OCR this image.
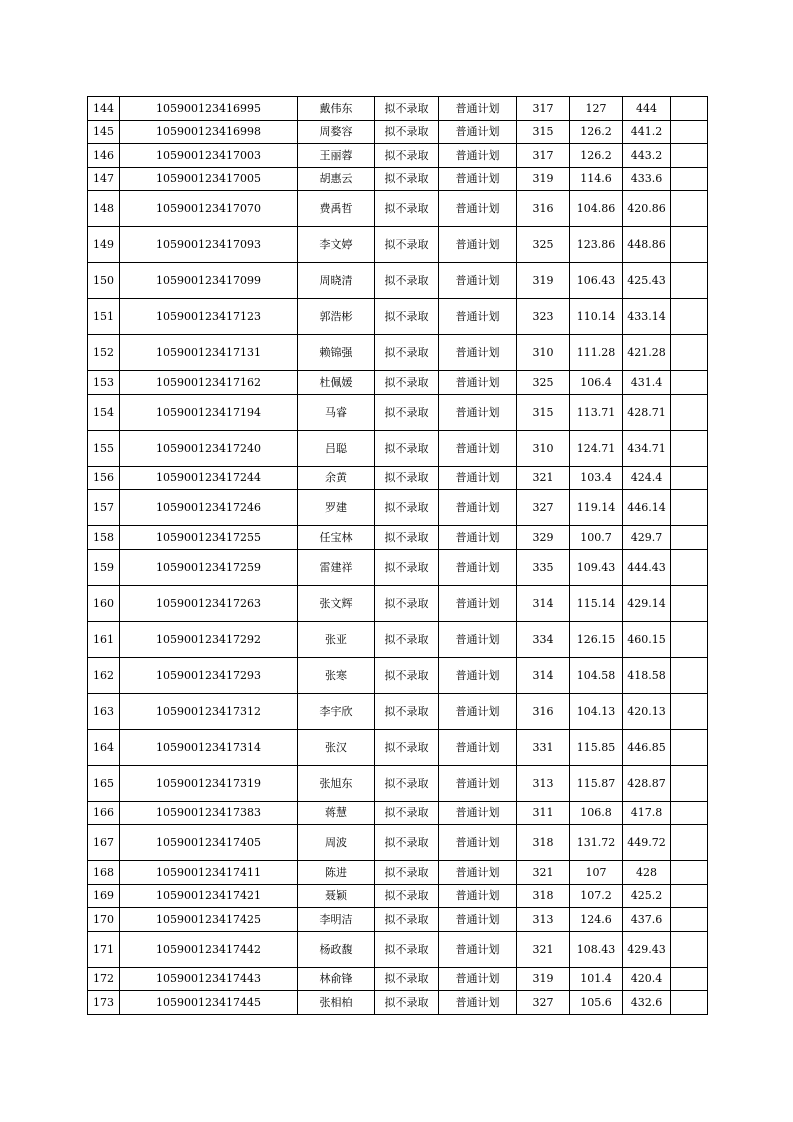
144	105900123416995	戴伟东	拟不录取	普通计划	317	127	444	
145	105900123416998	周婺容	拟不录取	普通计划	315	126.2	441.2	
146	105900123417003	王丽蓉	拟不录取	普通计划	317	126.2	443.2	
147	105900123417005	胡惠云	拟不录取	普通计划	319	114.6	433.6	
148	105900123417070	费禹哲	拟不录取	普通计划	316	104.86	420.86	
149	105900123417093	李文婷	拟不录取	普通计划	325	123.86	448.86	
150	105900123417099	周晓清	拟不录取	普通计划	319	106.43	425.43	
151	105900123417123	郭浩彬	拟不录取	普通计划	323	110.14	433.14	
152	105900123417131	赖锦强	拟不录取	普通计划	310	111.28	421.28	
153	105900123417162	杜佩媛	拟不录取	普通计划	325	106.4	431.4	
154	105900123417194	马睿	拟不录取	普通计划	315	113.71	428.71	
155	105900123417240	吕聪	拟不录取	普通计划	310	124.71	434.71	
156	105900123417244	余黄	拟不录取	普通计划	321	103.4	424.4	
157	105900123417246	罗建	拟不录取	普通计划	327	119.14	446.14	
158	105900123417255	任宝林	拟不录取	普通计划	329	100.7	429.7	
159	105900123417259	雷建祥	拟不录取	普通计划	335	109.43	444.43	
160	105900123417263	张文辉	拟不录取	普通计划	314	115.14	429.14	
161	105900123417292	张亚	拟不录取	普通计划	334	126.15	460.15	
162	105900123417293	张寒	拟不录取	普通计划	314	104.58	418.58	
163	105900123417312	李宇欣	拟不录取	普通计划	316	104.13	420.13	
164	105900123417314	张汉	拟不录取	普通计划	331	115.85	446.85	
165	105900123417319	张旭东	拟不录取	普通计划	313	115.87	428.87	
166	105900123417383	蒋慧	拟不录取	普通计划	311	106.8	417.8	
167	105900123417405	周波	拟不录取	普通计划	318	131.72	449.72	
168	105900123417411	陈进	拟不录取	普通计划	321	107	428	
169	105900123417421	聂颖	拟不录取	普通计划	318	107.2	425.2	
170	105900123417425	李明洁	拟不录取	普通计划	313	124.6	437.6	
171	105900123417442	杨政馥	拟不录取	普通计划	321	108.43	429.43	
172	105900123417443	林俞锋	拟不录取	普通计划	319	101.4	420.4	
173	105900123417445	张相柏	拟不录取	普通计划	327	105.6	432.6	
